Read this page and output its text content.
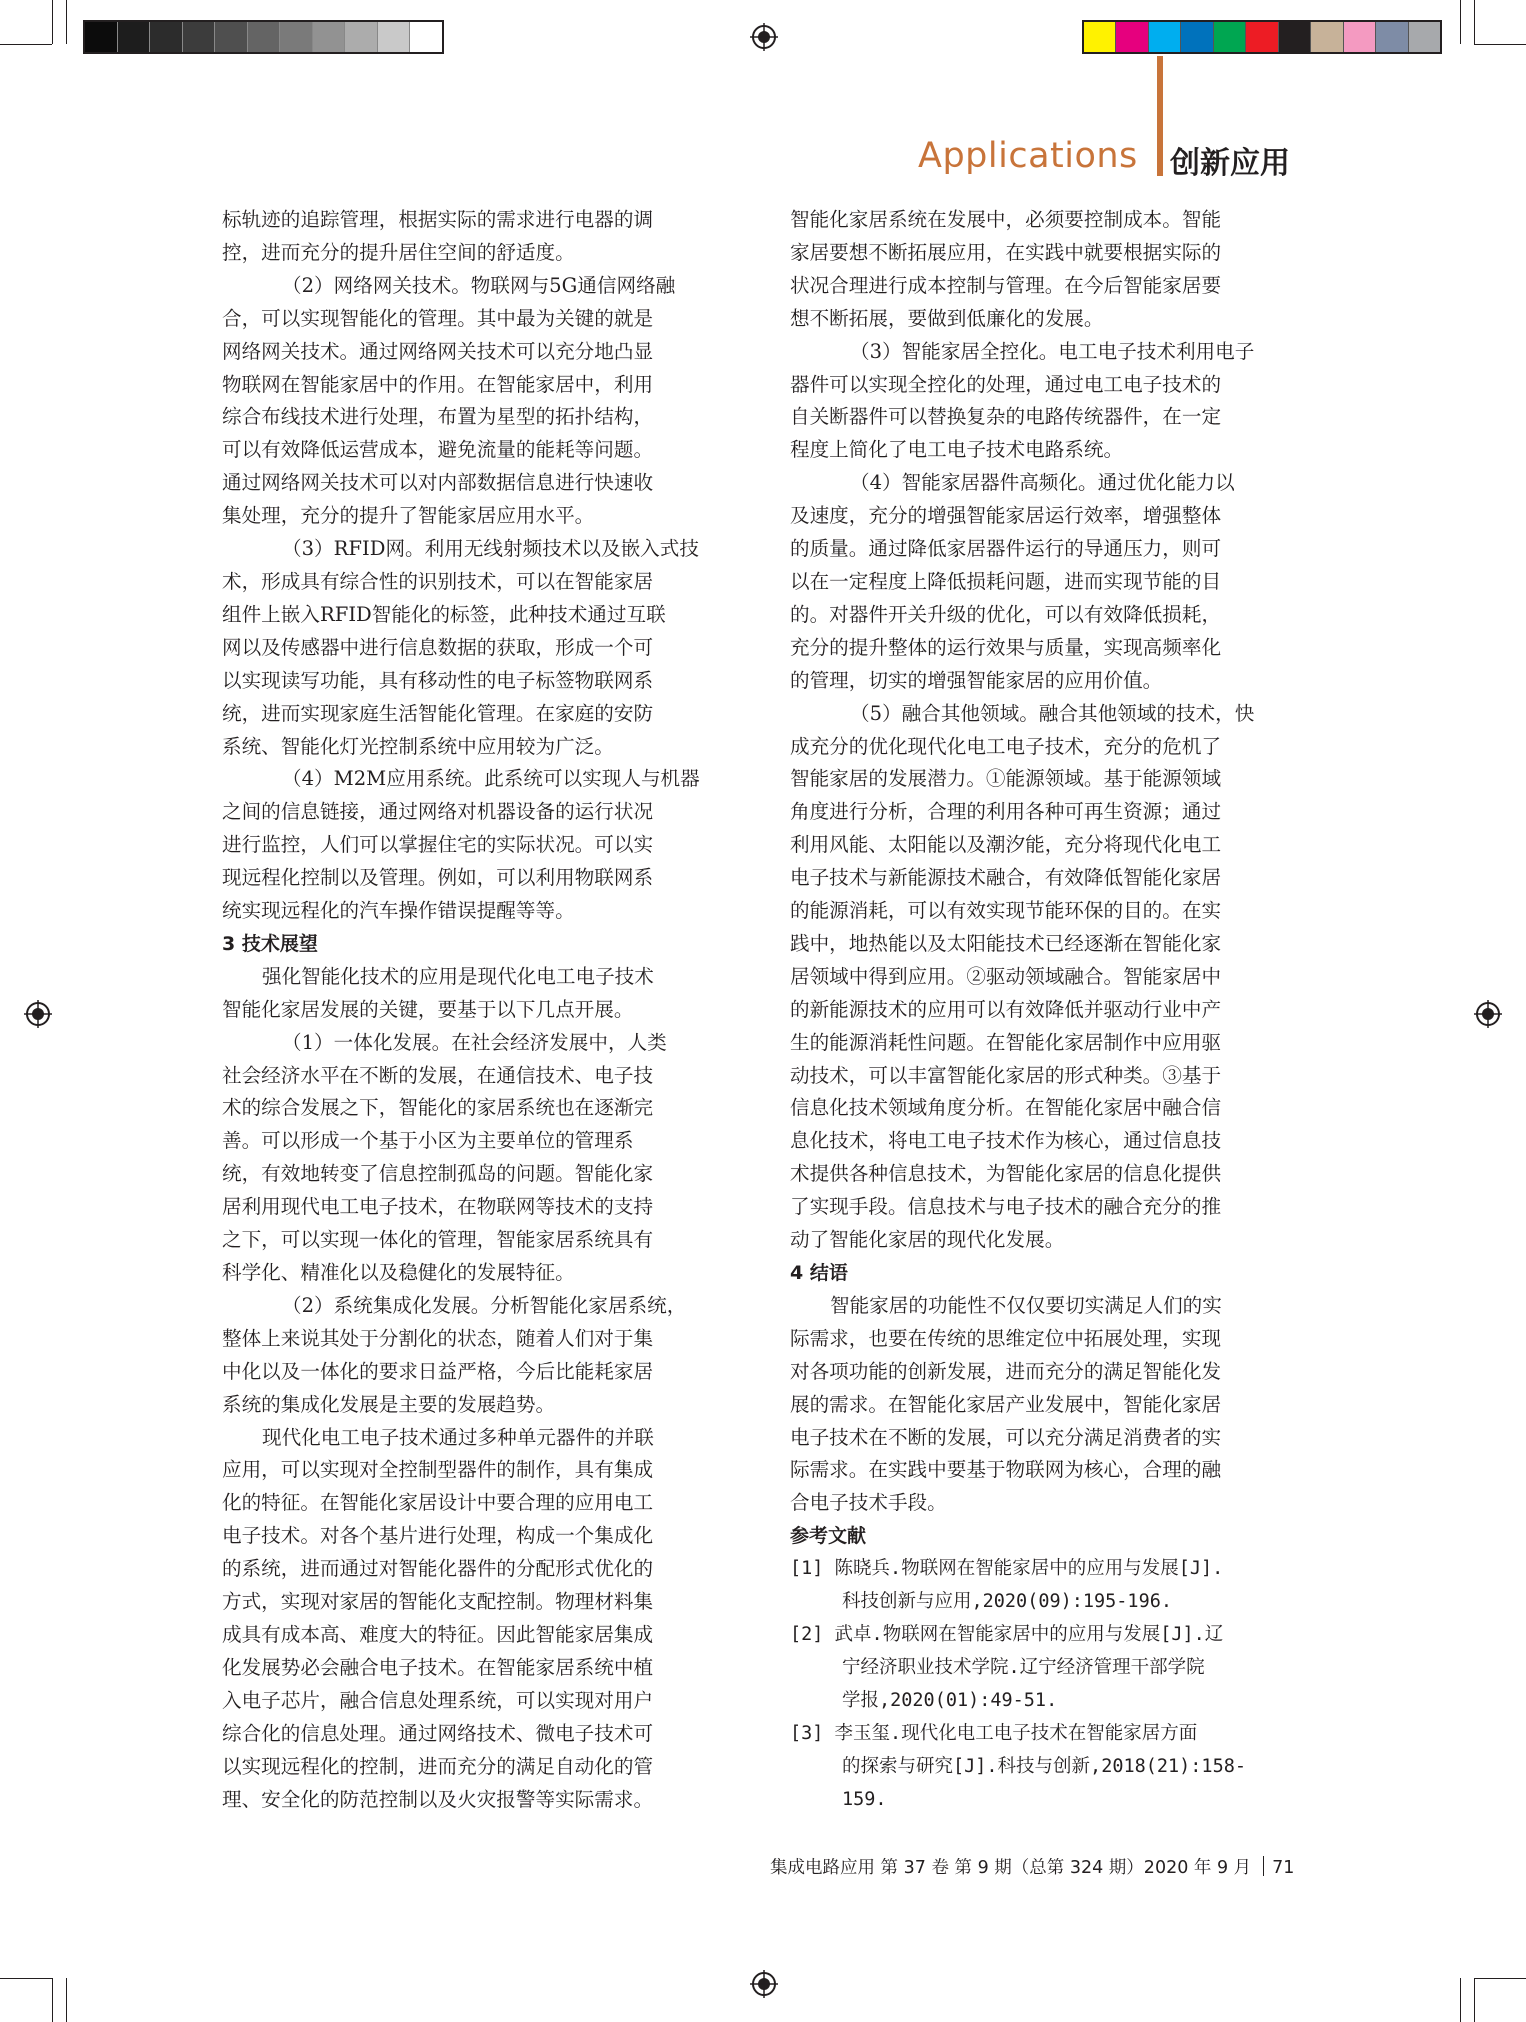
Applications 创新应用
标轨迹的追踪管理，根据实际的需求进行电器的调
控，进而充分的提升居住空间的舒适度。
（2）网络网关技术。物联网与5G通信网络融
合，可以实现智能化的管理。其中最为关键的就是
网络网关技术。通过网络网关技术可以充分地凸显
物联网在智能家居中的作用。在智能家居中，利用
综合布线技术进行处理，布置为星型的拓扑结构，
可以有效降低运营成本，避免流量的能耗等问题。
通过网络网关技术可以对内部数据信息进行快速收
集处理，充分的提升了智能家居应用水平。
（3）RFID网。利用无线射频技术以及嵌入式技
术，形成具有综合性的识别技术，可以在智能家居
组件上嵌入RFID智能化的标签，此种技术通过互联
网以及传感器中进行信息数据的获取，形成一个可
以实现读写功能，具有移动性的电子标签物联网系
统，进而实现家庭生活智能化管理。在家庭的安防
系统、智能化灯光控制系统中应用较为广泛。
（4）M2M应用系统。此系统可以实现人与机器
之间的信息链接，通过网络对机器设备的运行状况
进行监控，人们可以掌握住宅的实际状况。可以实
现远程化控制以及管理。例如，可以利用物联网系
统实现远程化的汽车操作错误提醒等等。
3 技术展望
强化智能化技术的应用是现代化电工电子技术
智能化家居发展的关键，要基于以下几点开展。
（1）一体化发展。在社会经济发展中，人类
社会经济水平在不断的发展，在通信技术、电子技
术的综合发展之下，智能化的家居系统也在逐渐完
善。可以形成一个基于小区为主要单位的管理系
统，有效地转变了信息控制孤岛的问题。智能化家
居利用现代电工电子技术，在物联网等技术的支持
之下，可以实现一体化的管理，智能家居系统具有
科学化、精准化以及稳健化的发展特征。
（2）系统集成化发展。分析智能化家居系统，
整体上来说其处于分割化的状态，随着人们对于集
中化以及一体化的要求日益严格，今后比能耗家居
系统的集成化发展是主要的发展趋势。
现代化电工电子技术通过多种单元器件的并联
应用，可以实现对全控制型器件的制作，具有集成
化的特征。在智能化家居设计中要合理的应用电工
电子技术。对各个基片进行处理，构成一个集成化
的系统，进而通过对智能化器件的分配形式优化的
方式，实现对家居的智能化支配控制。物理材料集
成具有成本高、难度大的特征。因此智能家居集成
化发展势必会融合电子技术。在智能家居系统中植
入电子芯片，融合信息处理系统，可以实现对用户
综合化的信息处理。通过网络技术、微电子技术可
以实现远程化的控制，进而充分的满足自动化的管
理、安全化的防范控制以及火灾报警等实际需求。
智能化家居系统在发展中，必须要控制成本。智能
家居要想不断拓展应用，在实践中就要根据实际的
状况合理进行成本控制与管理。在今后智能家居要
想不断拓展，要做到低廉化的发展。
（3）智能家居全控化。电工电子技术利用电子
器件可以实现全控化的处理，通过电工电子技术的
自关断器件可以替换复杂的电路传统器件，在一定
程度上简化了电工电子技术电路系统。
（4）智能家居器件高频化。通过优化能力以
及速度，充分的增强智能家居运行效率，增强整体
的质量。通过降低家居器件运行的导通压力，则可
以在一定程度上降低损耗问题，进而实现节能的目
的。对器件开关升级的优化，可以有效降低损耗，
充分的提升整体的运行效果与质量，实现高频率化
的管理，切实的增强智能家居的应用价值。
（5）融合其他领域。融合其他领域的技术，快
成充分的优化现代化电工电子技术，充分的危机了
智能家居的发展潜力。①能源领域。基于能源领域
角度进行分析，合理的利用各种可再生资源；通过
利用风能、太阳能以及潮汐能，充分将现代化电工
电子技术与新能源技术融合，有效降低智能化家居
的能源消耗，可以有效实现节能环保的目的。在实
践中，地热能以及太阳能技术已经逐渐在智能化家
居领域中得到应用。②驱动领域融合。智能家居中
的新能源技术的应用可以有效降低并驱动行业中产
生的能源消耗性问题。在智能化家居制作中应用驱
动技术，可以丰富智能化家居的形式种类。③基于
信息化技术领域角度分析。在智能化家居中融合信
息化技术，将电工电子技术作为核心，通过信息技
术提供各种信息技术，为智能化家居的信息化提供
了实现手段。信息技术与电子技术的融合充分的推
动了智能化家居的现代化发展。
4 结语
智能家居的功能性不仅仅要切实满足人们的实
际需求，也要在传统的思维定位中拓展处理，实现
对各项功能的创新发展，进而充分的满足智能化发
展的需求。在智能化家居产业发展中，智能化家居
电子技术在不断的发展，可以充分满足消费者的实
际需求。在实践中要基于物联网为核心，合理的融
合电子技术手段。
参考文献
[1] 陈晓兵.物联网在智能家居中的应用与发展[J].
科技创新与应用,2020(09):195-196.
[2] 武卓.物联网在智能家居中的应用与发展[J].辽
宁经济职业技术学院.辽宁经济管理干部学院
学报,2020(01):49-51.
[3] 李玉玺.现代化电工电子技术在智能家居方面
的探索与研究[J].科技与创新,2018(21):158-
159.
集成电路应用 第 37 卷 第 9 期（总第 324 期）2020 年 9 月 71
